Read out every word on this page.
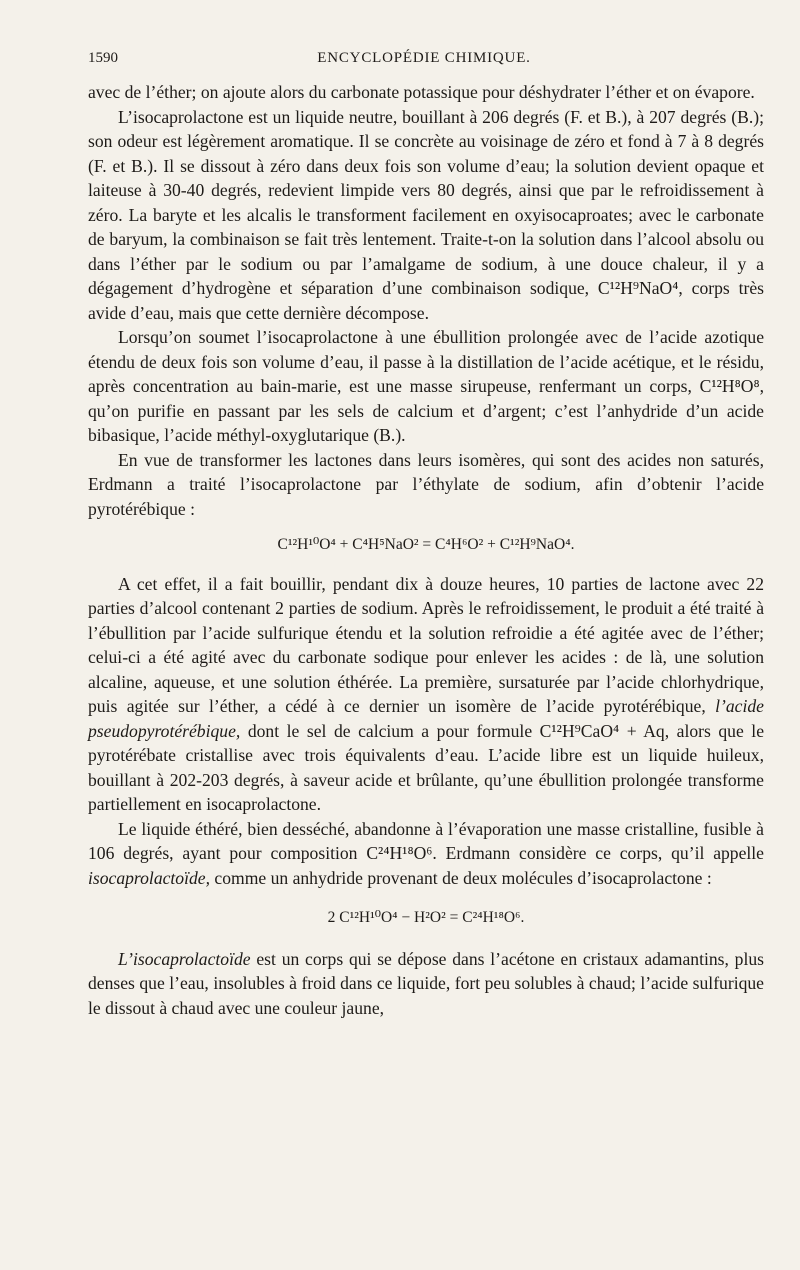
1590	ENCYCLOPÉDIE CHIMIQUE.

avec de l’éther; on ajoute alors du carbonate potassique pour déshydrater l’éther et on évapore.

L’isocaprolactone est un liquide neutre, bouillant à 206 degrés (F. et B.), à 207 degrés (B.); son odeur est légèrement aromatique. Il se concrète au voisinage de zéro et fond à 7 à 8 degrés (F. et B.). Il se dissout à zéro dans deux fois son volume d’eau; la solution devient opaque et laiteuse à 30-40 degrés, redevient limpide vers 80 degrés, ainsi que par le refroidissement à zéro. La baryte et les alcalis le transforment facilement en oxyisocaproates; avec le carbonate de baryum, la combinaison se fait très lentement. Traite-t-on la solution dans l’alcool absolu ou dans l’éther par le sodium ou par l’amalgame de sodium, à une douce chaleur, il y a dégagement d’hydrogène et séparation d’une combinaison sodique, C¹²H⁹NaO⁴, corps très avide d’eau, mais que cette dernière décompose.

Lorsqu’on soumet l’isocaprolactone à une ébullition prolongée avec de l’acide azotique étendu de deux fois son volume d’eau, il passe à la distillation de l’acide acétique, et le résidu, après concentration au bain-marie, est une masse sirupeuse, renfermant un corps, C¹²H⁸O⁸, qu’on purifie en passant par les sels de calcium et d’argent; c’est l’anhydride d’un acide bibasique, l’acide méthyl-oxyglutarique (B.).

En vue de transformer les lactones dans leurs isomères, qui sont des acides non saturés, Erdmann a traité l’isocaprolactone par l’éthylate de sodium, afin d’obtenir l’acide pyrotérébique :

C¹²H¹⁰O⁴ + C⁴H⁵NaO² = C⁴H⁶O² + C¹²H⁹NaO⁴.

A cet effet, il a fait bouillir, pendant dix à douze heures, 10 parties de lactone avec 22 parties d’alcool contenant 2 parties de sodium. Après le refroidissement, le produit a été traité à l’ébullition par l’acide sulfurique étendu et la solution refroidie a été agitée avec de l’éther; celui-ci a été agité avec du carbonate sodique pour enlever les acides : de là, une solution alcaline, aqueuse, et une solution éthérée. La première, sursaturée par l’acide chlorhydrique, puis agitée sur l’éther, a cédé à ce dernier un isomère de l’acide pyrotérébique, l’acide pseudopyrotérébique, dont le sel de calcium a pour formule C¹²H⁹CaO⁴ + Aq, alors que le pyrotérébate cristallise avec trois équivalents d’eau. L’acide libre est un liquide huileux, bouillant à 202-203 degrés, à saveur acide et brûlante, qu’une ébullition prolongée transforme partiellement en isocaprolactone.

Le liquide éthéré, bien desséché, abandonne à l’évaporation une masse cristalline, fusible à 106 degrés, ayant pour composition C²⁴H¹⁸O⁶. Erdmann considère ce corps, qu’il appelle isocaprolactoïde, comme un anhydride provenant de deux molécules d’isocaprolactone :

2 C¹²H¹⁰O⁴ − H²O² = C²⁴H¹⁸O⁶.

L’isocaprolactoïde est un corps qui se dépose dans l’acétone en cristaux adamantins, plus denses que l’eau, insolubles à froid dans ce liquide, fort peu solubles à chaud; l’acide sulfurique le dissout à chaud avec une couleur jaune,
